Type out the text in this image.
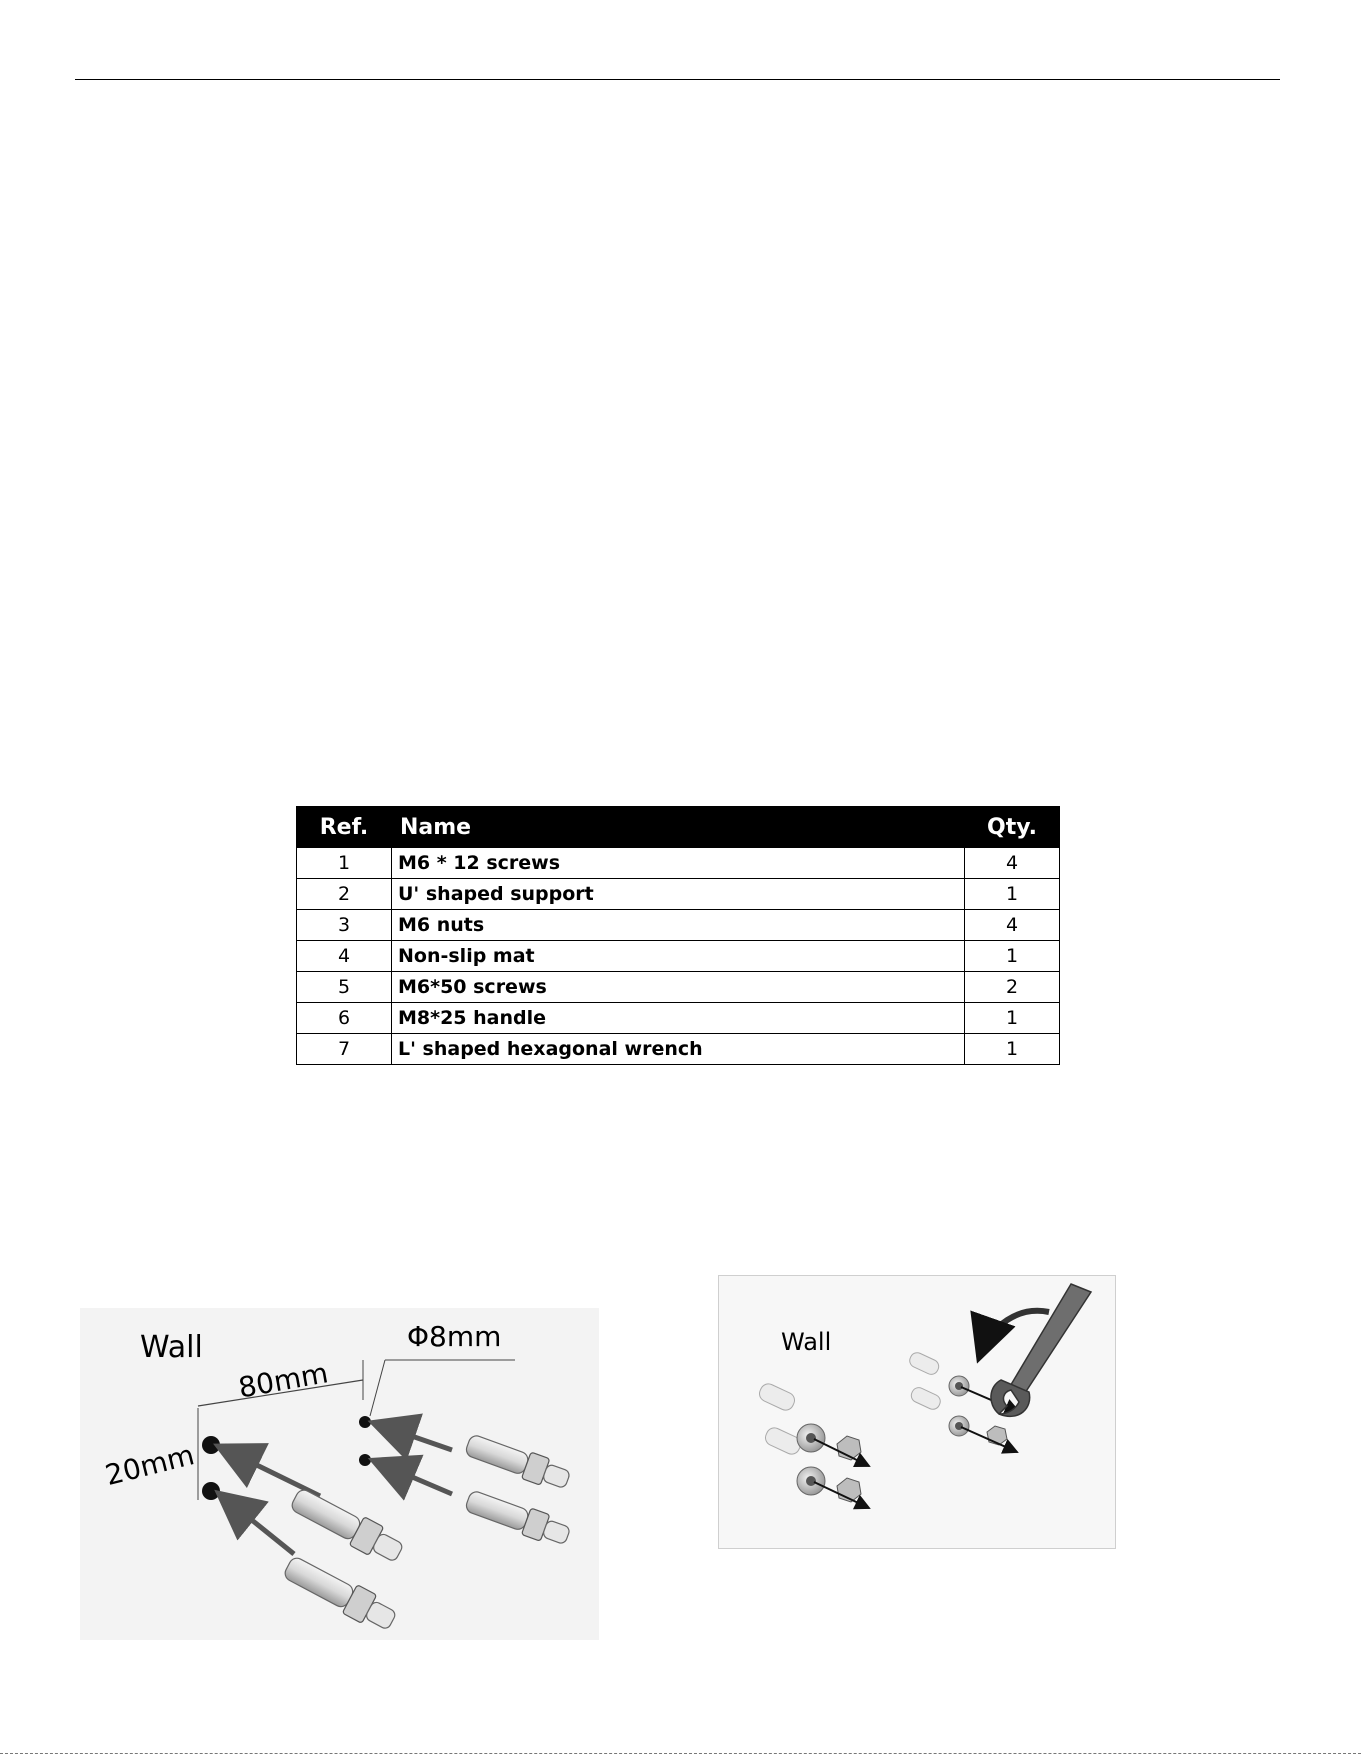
Ref.	Name	Qty.
1	M6 * 12 screws	4
2	U' shaped support	1
3	M6 nuts	4
4	Non-slip mat	1
5	M6*50 screws	2
6	M8*25 handle	1
7	L' shaped hexagonal wrench	1
Wall	Φ8mm
80mm
20mm
Wall
